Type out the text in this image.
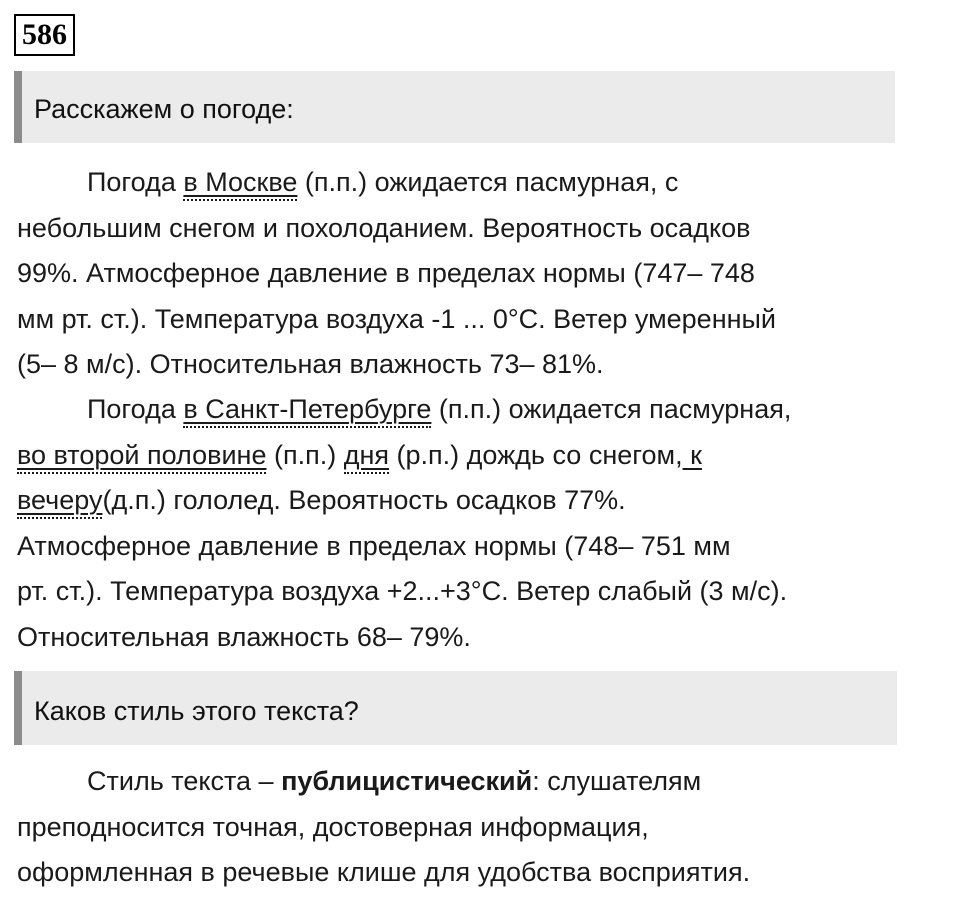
586
Расскажем о погоде:

Погода в Москве (п.п.) ожидается пасмурная, с
небольшим снегом и похолоданием. Вероятность осадков
99%. Атмосферное давление в пределах нормы (747– 748
мм рт. ст.). Температура воздуха -1 ... 0°С. Ветер умеренный
(5– 8 м/с). Относительная влажность 73– 81%.

Погода в Санкт-Петербурге (п.п.) ожидается пасмурная,
во второй половине (п.п.) дня (р.п.) дождь со снегом, к
вечеру(д.п.) гололед. Вероятность осадков 77%.
Атмосферное давление в пределах нормы (748– 751 мм
рт. ст.). Температура воздуха +2...+3°С. Ветер слабый (3 м/с).
Относительная влажность 68– 79%.

Каков стиль этого текста?

Стиль текста – публицистический: слушателям
преподносится точная, достоверная информация,
оформленная в речевые клише для удобства восприятия.
